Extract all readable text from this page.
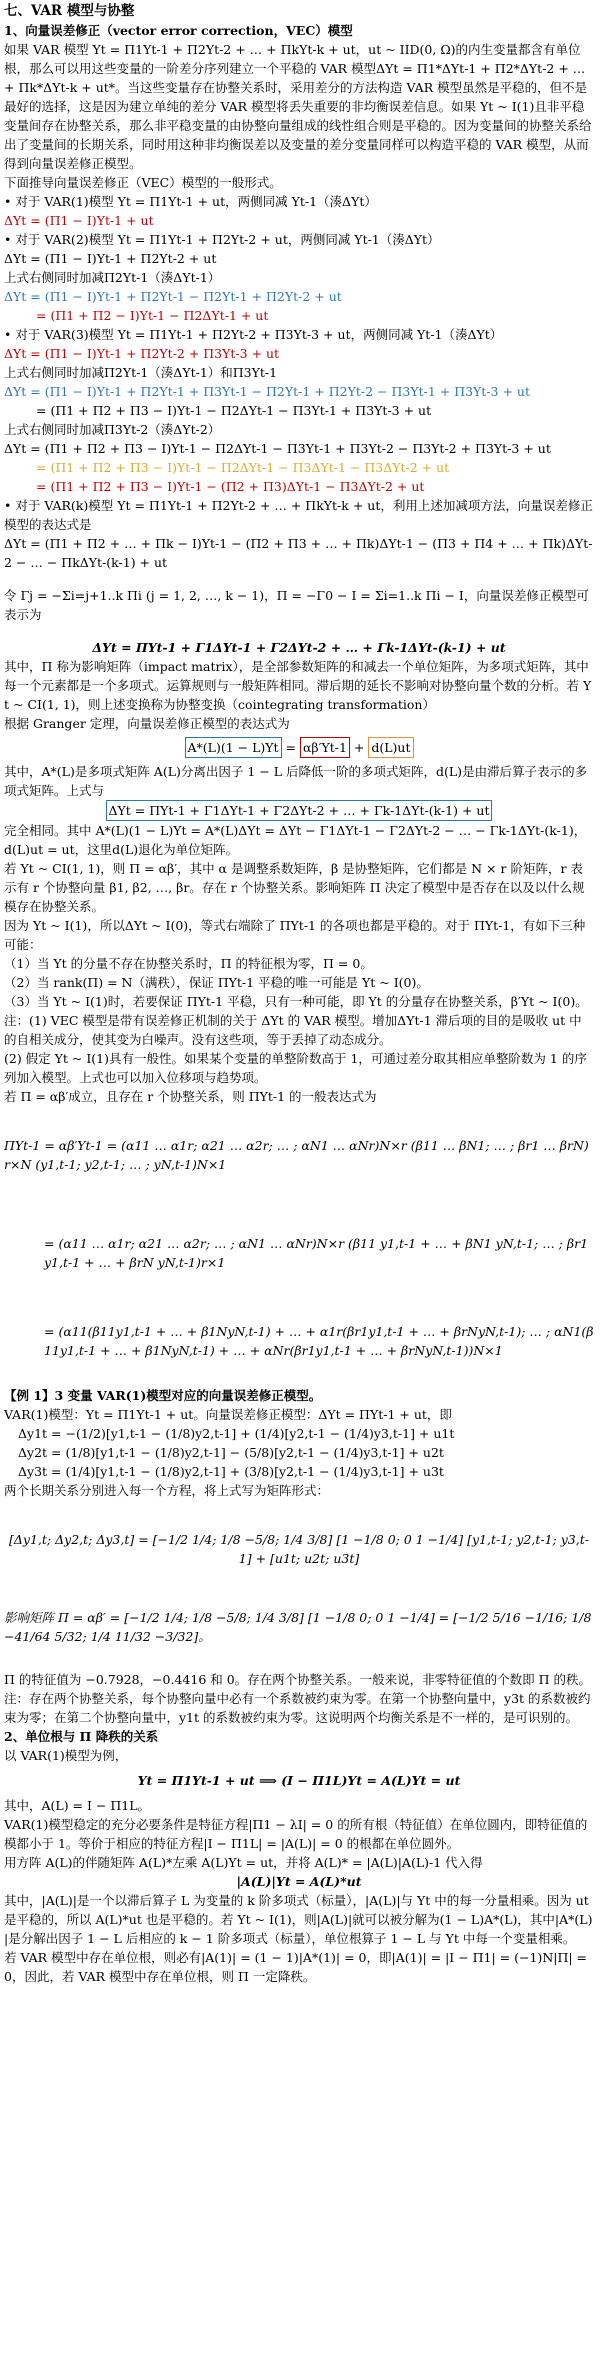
七、VAR 模型与协整
1、向量误差修正（vector error correction，VEC）模型
如果 VAR 模型 Yt = Π1Yt-1 + Π2Yt-2 + … + ΠkYt-k + ut，ut ~ IID(0, Ω)的内生变量都含有单位根，那么可以用这些变量的一阶差分序列建立一个平稳的 VAR 模型ΔYt = Π1*ΔYt-1 + Π2*ΔYt-2 + … + Πk*ΔYt-k + ut*。当这些变量存在协整关系时，采用差分的方法构造 VAR 模型虽然是平稳的，但不是最好的选择，这是因为建立单纯的差分 VAR 模型将丢失重要的非均衡误差信息。如果 Yt ~ I(1)且非平稳变量间存在协整关系，那么非平稳变量的由协整向量组成的线性组合则是平稳的。因为变量间的协整关系给出了变量间的长期关系，同时用这种非均衡误差以及变量的差分变量同样可以构造平稳的 VAR 模型，从而得到向量误差修正模型。
下面推导向量误差修正（VEC）模型的一般形式。
• 对于 VAR(1)模型 Yt = Π1Yt-1 + ut，两侧同减 Yt-1（湊ΔYt）
ΔYt = (Π1 − I)Yt-1 + ut
• 对于 VAR(2)模型 Yt = Π1Yt-1 + Π2Yt-2 + ut，两侧同减 Yt-1（湊ΔYt）
ΔYt = (Π1 − I)Yt-1 + Π2Yt-2 + ut
上式右侧同时加减Π2Yt-1（湊ΔYt-1）
ΔYt = (Π1 − I)Yt-1 + Π2Yt-1 − Π2Yt-1 + Π2Yt-2 + ut
= (Π1 + Π2 − I)Yt-1 − Π2ΔYt-1 + ut
• 对于 VAR(3)模型 Yt = Π1Yt-1 + Π2Yt-2 + Π3Yt-3 + ut，两侧同减 Yt-1（湊ΔYt）
ΔYt = (Π1 − I)Yt-1 + Π2Yt-2 + Π3Yt-3 + ut
上式右侧同时加减Π2Yt-1（湊ΔYt-1）和Π3Yt-1
ΔYt = (Π1 − I)Yt-1 + Π2Yt-1 + Π3Yt-1 − Π2Yt-1 + Π2Yt-2 − Π3Yt-1 + Π3Yt-3 + ut
= (Π1 + Π2 + Π3 − I)Yt-1 − Π2ΔYt-1 − Π3Yt-1 + Π3Yt-3 + ut
上式右侧同时加减Π3Yt-2（湊ΔYt-2）
ΔYt = (Π1 + Π2 + Π3 − I)Yt-1 − Π2ΔYt-1 − Π3Yt-1 + Π3Yt-2 − Π3Yt-2 + Π3Yt-3 + ut
= (Π1 + Π2 + Π3 − I)Yt-1 − Π2ΔYt-1 − Π3ΔYt-1 − Π3ΔYt-2 + ut
= (Π1 + Π2 + Π3 − I)Yt-1 − (Π2 + Π3)ΔYt-1 − Π3ΔYt-2 + ut
• 对于 VAR(k)模型 Yt = Π1Yt-1 + Π2Yt-2 + … + ΠkYt-k + ut，利用上述加减项方法，向量误差修正模型的表达式是
ΔYt = (Π1 + Π2 + … + Πk − I)Yt-1 − (Π2 + Π3 + … + Πk)ΔYt-1 − (Π3 + Π4 + … + Πk)ΔYt-2 − … − ΠkΔYt-(k-1) + ut
令 Γj = −Σi=j+1..k Πi (j = 1, 2, …, k − 1)，Π = −Γ0 − I = Σi=1..k Πi − I，向量误差修正模型可表示为
ΔYt = ΠYt-1 + Γ1ΔYt-1 + Γ2ΔYt-2 + … + Γk-1ΔYt-(k-1) + ut
其中，Π 称为影响矩阵（impact matrix），是全部参数矩阵的和减去一个单位矩阵，为多项式矩阵，其中每一个元素都是一个多项式。运算规则与一般矩阵相同。滞后期的延长不影响对协整向量个数的分析。若 Yt ~ CI(1, 1)，则上述变换称为协整变换（cointegrating transformation）
根据 Granger 定理，向量误差修正模型的表达式为
A*(L)(1 − L)Yt = αβ′Yt-1 + d(L)ut
其中，A*(L)是多项式矩阵 A(L)分离出因子 1 − L 后降低一阶的多项式矩阵，d(L)是由滞后算子表示的多项式矩阵。上式与
ΔYt = ΠYt-1 + Γ1ΔYt-1 + Γ2ΔYt-2 + … + Γk-1ΔYt-(k-1) + ut
完全相同。其中 A*(L)(1 − L)Yt = A*(L)ΔYt = ΔYt − Γ1ΔYt-1 − Γ2ΔYt-2 − … − Γk-1ΔYt-(k-1)，d(L)ut = ut，这里d(L)退化为单位矩阵。
若 Yt ~ CI(1, 1)，则 Π = αβ′，其中 α 是调整系数矩阵，β 是协整矩阵，它们都是 N × r 阶矩阵，r 表示有 r 个协整向量 β1, β2, …, βr。存在 r 个协整关系。影响矩阵 Π 决定了模型中是否存在以及以什么规模存在协整关系。
因为 Yt ~ I(1)，所以ΔYt ~ I(0)，等式右端除了 ΠYt-1 的各项也都是平稳的。对于 ΠYt-1，有如下三种可能：
（1）当 Yt 的分量不存在协整关系时，Π 的特征根为零，Π = 0。
（2）当 rank(Π) = N（满秩），保证 ΠYt-1 平稳的唯一可能是 Yt ~ I(0)。
（3）当 Yt ~ I(1)时，若要保证 ΠYt-1 平稳，只有一种可能，即 Yt 的分量存在协整关系，β′Yt ~ I(0)。
注：(1) VEC 模型是带有误差修正机制的关于 ΔYt 的 VAR 模型。增加ΔYt-1 滞后项的目的是吸收 ut 中的自相关成分，使其变为白噪声。没有这些项，等于丢掉了动态成分。
(2) 假定 Yt ~ I(1)具有一般性。如果某个变量的单整阶数高于 1，可通过差分取其相应单整阶数为 1 的序列加入模型。上式也可以加入位移项与趋势项。
若 Π = αβ′成立，且存在 r 个协整关系，则 ΠYt-1 的一般表达式为
ΠYt-1 = αβ′Yt-1 = (α11 … α1r; α21 … α2r; … ; αN1 … αNr)N×r (β11 … βN1; … ; βr1 … βrN)r×N (y1,t-1; y2,t-1; … ; yN,t-1)N×1
= (α11 … α1r; α21 … α2r; … ; αN1 … αNr)N×r (β11 y1,t-1 + … + βN1 yN,t-1; … ; βr1 y1,t-1 + … + βrN yN,t-1)r×1
= (α11(β11y1,t-1 + … + β1NyN,t-1) + … + α1r(βr1y1,t-1 + … + βrNyN,t-1); … ; αN1(β11y1,t-1 + … + β1NyN,t-1) + … + αNr(βr1y1,t-1 + … + βrNyN,t-1))N×1
【例 1】3 变量 VAR(1)模型对应的向量误差修正模型。
VAR(1)模型：Yt = Π1Yt-1 + ut。向量误差修正模型：ΔYt = ΠYt-1 + ut，即
Δy1t = −(1/2)[y1,t-1 − (1/8)y2,t-1] + (1/4)[y2,t-1 − (1/4)y3,t-1] + u1t
Δy2t = (1/8)[y1,t-1 − (1/8)y2,t-1] − (5/8)[y2,t-1 − (1/4)y3,t-1] + u2t
Δy3t = (1/4)[y1,t-1 − (1/8)y2,t-1] + (3/8)[y2,t-1 − (1/4)y3,t-1] + u3t
两个长期关系分别进入每一个方程，将上式写为矩阵形式：
[Δy1,t; Δy2,t; Δy3,t] = [−1/2 1/4; 1/8 −5/8; 1/4 3/8] [1 −1/8 0; 0 1 −1/4] [y1,t-1; y2,t-1; y3,t-1] + [u1t; u2t; u3t]
影响矩阵 Π = αβ′ = [−1/2 1/4; 1/8 −5/8; 1/4 3/8] [1 −1/8 0; 0 1 −1/4] = [−1/2 5/16 −1/16; 1/8 −41/64 5/32; 1/4 11/32 −3/32]。
Π 的特征值为 −0.7928，−0.4416 和 0。存在两个协整关系。一般来说，非零特征值的个数即 Π 的秩。
注：存在两个协整关系，每个协整向量中必有一个系数被约束为零。在第一个协整向量中，y3t 的系数被约束为零；在第二个协整向量中，y1t 的系数被约束为零。这说明两个均衡关系是不一样的，是可识别的。
2、单位根与 Π 降秩的关系
以 VAR(1)模型为例，
Yt = Π1Yt-1 + ut ⟹ (I − Π1L)Yt = A(L)Yt = ut
其中，A(L) = I − Π1L。
VAR(1)模型稳定的充分必要条件是特征方程|Π1 − λI| = 0 的所有根（特征值）在单位圆内，即特征值的模都小于 1。等价于相应的特征方程|I − Π1L| = |A(L)| = 0 的根都在单位圆外。
用方阵 A(L)的伴随矩阵 A(L)*左乘 A(L)Yt = ut，并将 A(L)* = |A(L)|A(L)-1 代入得
|A(L)|Yt = A(L)*ut
其中，|A(L)|是一个以滞后算子 L 为变量的 k 阶多项式（标量），|A(L)|与 Yt 中的每一分量相乘。因为 ut 是平稳的，所以 A(L)*ut 也是平稳的。若 Yt ~ I(1)，则|A(L)|就可以被分解为(1 − L)A*(L)，其中|A*(L)|是分解出因子 1 − L 后相应的 k − 1 阶多项式（标量），单位根算子 1 − L 与 Yt 中每一个变量相乘。
若 VAR 模型中存在单位根，则必有|A(1)| = (1 − 1)|A*(1)| = 0，即|A(1)| = |I − Π1| = (−1)N|Π| = 0，因此，若 VAR 模型中存在单位根，则 Π 一定降秩。
